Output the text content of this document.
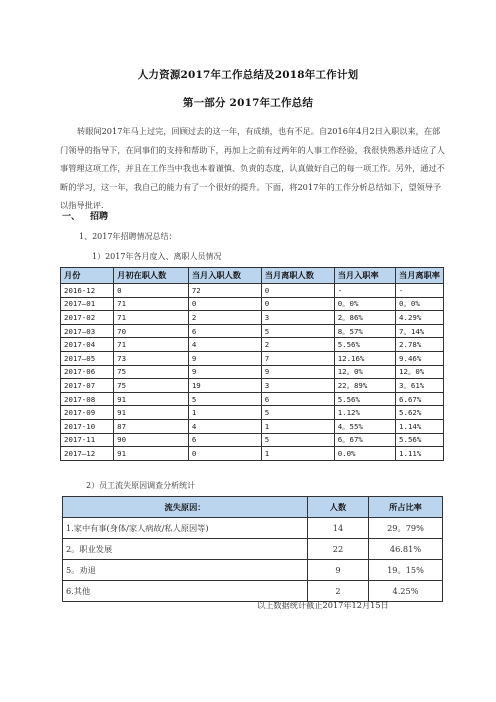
人力资源2017年工作总结及2018年工作计划
第一部分 2017年工作总结
转眼间2017年马上过完，回顾过去的这一年，有成绩，也有不足。自2016年4月2日入职以来，在部门领导的指导下，在同事们的支持和帮助下，再加上之前有过两年的人事工作经验，我很快熟悉并适应了人事管理这项工作，并且在工作当中我也本着谨慎、负责的态度，认真做好自己的每一项工作。另外，通过不断的学习，这一年，我自己的能力有了一个很好的提升。下面，将2017年的工作分析总结如下，望领导予以指导批评.
一、 招聘
1、2017年招聘情况总结：
1）2017年各月度入、离职人员情况
月份	月初在职人数	当月入职人数	当月离职人数	当月入职率	当月离职率
2016-12	0	72	0	-	-
2017—01	71	0	0	0。0%	0。0%
2017-02	71	2	3	2。86%	4.29%
2017—03	70	6	5	8。57%	7。14%
2017-04	71	4	2	5.56%	2.78%
2017—05	73	9	7	12.16%	9.46%
2017-06	75	9	9	12。0%	12。0%
2017-07	75	19	3	22。89%	3。61%
2017-08	91	5	6	5.56%	6.67%
2017-09	91	1	5	1.12%	5.62%
2017-10	87	4	1	4。55%	1.14%
2017-11	90	6	5	6。67%	5.56%
2017—12	91	0	1	0.0%	1.11%
2）员工流失原因调查分析统计
流失原因：	人数	所占比率
1.家中有事(身体/家人病故/私人原因等)	14	29。79%
2。职业发展	22	46.81%
5。劝退	9	19。15%
6.其他	2	4.25%
以上数据统计截止2017年12月15日
